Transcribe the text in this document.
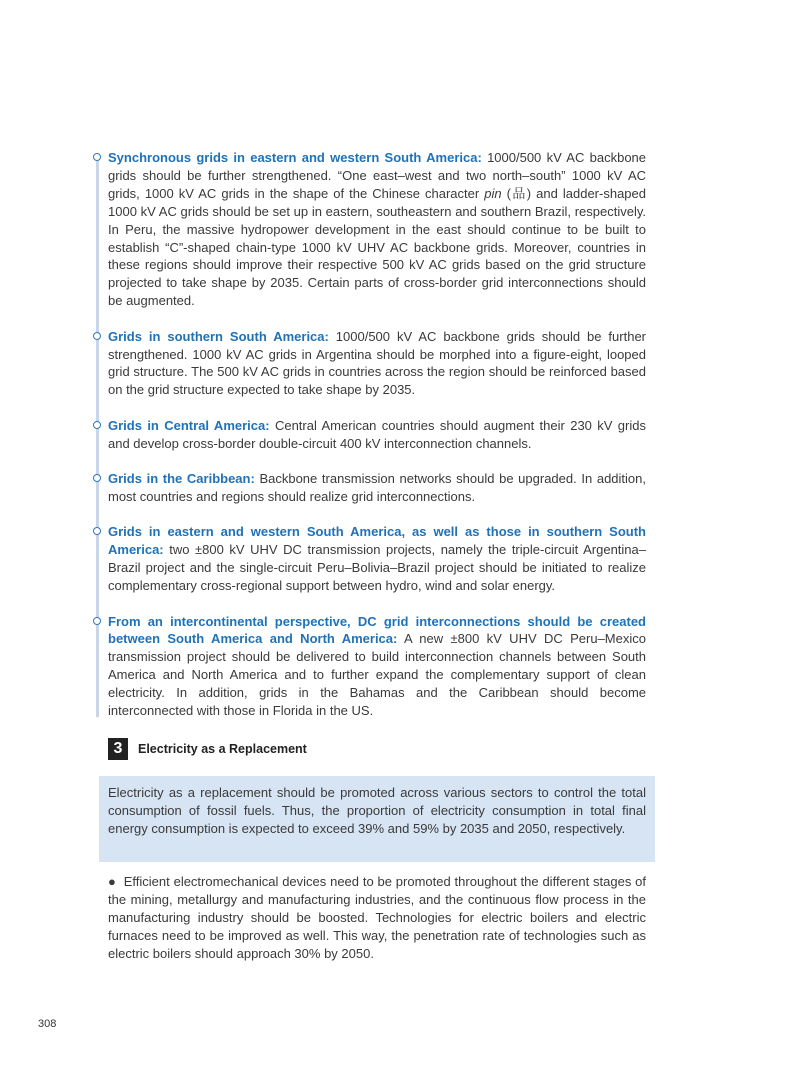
Synchronous grids in eastern and western South America: 1000/500 kV AC backbone grids should be further strengthened. “One east–west and two north–south” 1000 kV AC grids, 1000 kV AC grids in the shape of the Chinese character pin (品) and ladder-shaped 1000 kV AC grids should be set up in eastern, southeastern and southern Brazil, respectively. In Peru, the massive hydropower development in the east should continue to be built to establish “C”-shaped chain-type 1000 kV UHV AC backbone grids. Moreover, countries in these regions should improve their respective 500 kV AC grids based on the grid structure projected to take shape by 2035. Certain parts of cross-border grid interconnections should be augmented.
Grids in southern South America: 1000/500 kV AC backbone grids should be further strengthened. 1000 kV AC grids in Argentina should be morphed into a figure-eight, looped grid structure. The 500 kV AC grids in countries across the region should be reinforced based on the grid structure expected to take shape by 2035.
Grids in Central America: Central American countries should augment their 230 kV grids and develop cross-border double-circuit 400 kV interconnection channels.
Grids in the Caribbean: Backbone transmission networks should be upgraded. In addition, most countries and regions should realize grid interconnections.
Grids in eastern and western South America, as well as those in southern South America: two ±800 kV UHV DC transmission projects, namely the triple-circuit Argentina–Brazil project and the single-circuit Peru–Bolivia–Brazil project should be initiated to realize complementary cross-regional support between hydro, wind and solar energy.
From an intercontinental perspective, DC grid interconnections should be created between South America and North America: A new ±800 kV UHV DC Peru–Mexico transmission project should be delivered to build interconnection channels between South America and North America and to further expand the complementary support of clean electricity. In addition, grids in the Bahamas and the Caribbean should become interconnected with those in Florida in the US.
3	Electricity as a Replacement
Electricity as a replacement should be promoted across various sectors to control the total consumption of fossil fuels. Thus, the proportion of electricity consumption in total final energy consumption is expected to exceed 39% and 59% by 2035 and 2050, respectively.
● Efficient electromechanical devices need to be promoted throughout the different stages of the mining, metallurgy and manufacturing industries, and the continuous flow process in the manufacturing industry should be boosted. Technologies for electric boilers and electric furnaces need to be improved as well. This way, the penetration rate of technologies such as electric boilers should approach 30% by 2050.
308
